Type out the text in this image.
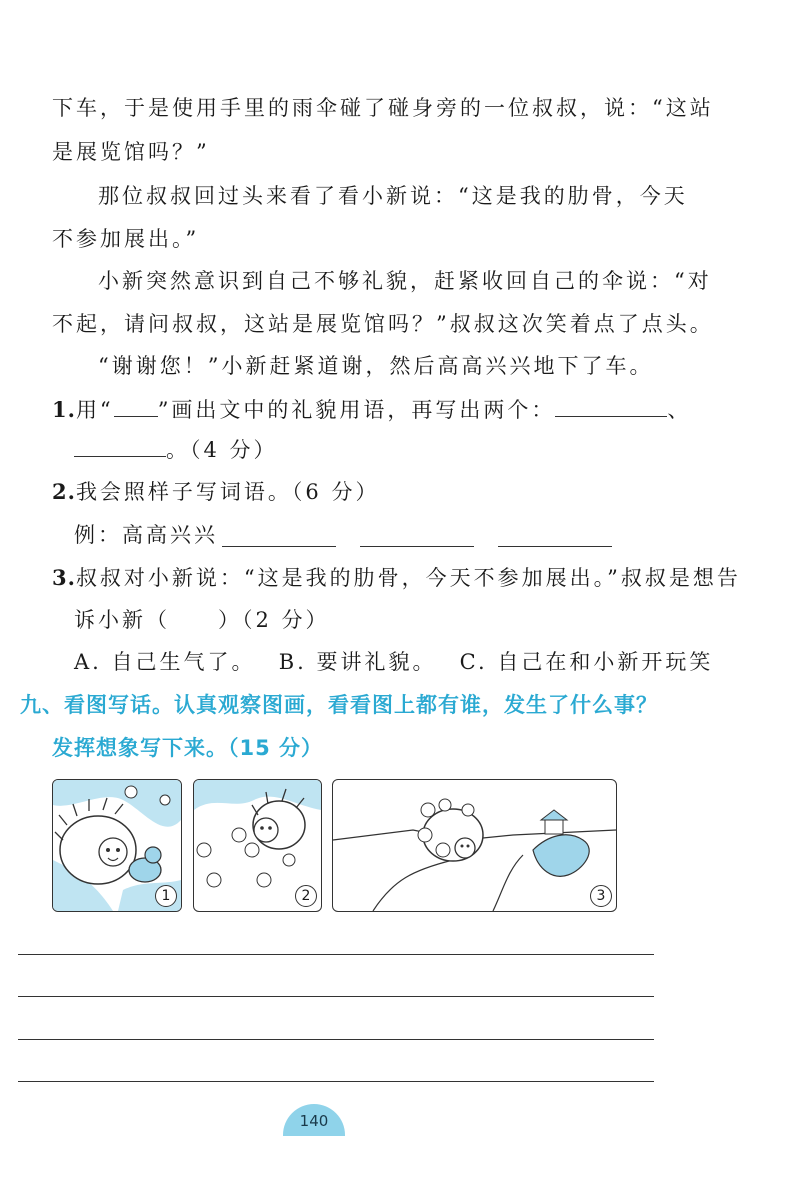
下车，于是使用手里的雨伞碰了碰身旁的一位叔叔，说：“这站
是展览馆吗？”
那位叔叔回过头来看了看小新说：“这是我的肋骨，今天
不参加展出。”
小新突然意识到自己不够礼貌，赶紧收回自己的伞说：“对
不起，请问叔叔，这站是展览馆吗？”叔叔这次笑着点了点头。
“谢谢您！”小新赶紧道谢，然后高高兴兴地下了车。
1.用“ ”画出文中的礼貌用语，再写出两个：	、
。（4 分）
2.我会照样子写词语。（6 分）
例：高高兴兴
3.叔叔对小新说：“这是我的肋骨，今天不参加展出。”叔叔是想告
诉小新（　　）（2 分）
A. 自己生气了。　 B. 要讲礼貌。　 C. 自己在和小新开玩笑
九、看图写话。认真观察图画，看看图上都有谁，发生了什么事？
发挥想象写下来。（15 分）
1	2	3
140
